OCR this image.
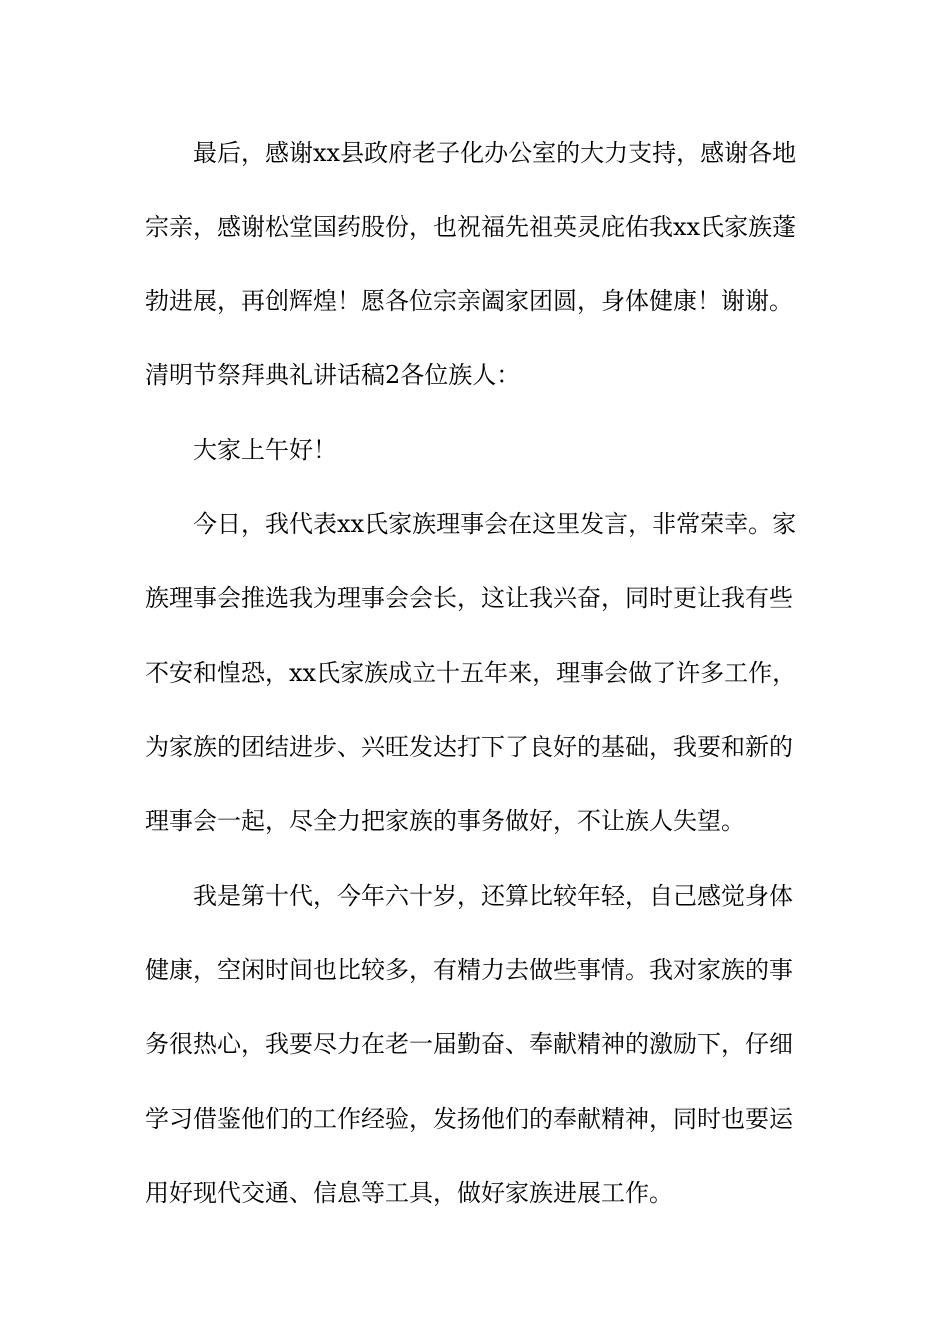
最后，感谢xx县政府老子化办公室的大力支持，感谢各地
宗亲，感谢松堂国药股份，也祝福先祖英灵庇佑我xx氏家族蓬
勃进展，再创辉煌！愿各位宗亲阖家团圆，身体健康！谢谢。
清明节祭拜典礼讲话稿2各位族人：
大家上午好！
今日，我代表xx氏家族理事会在这里发言，非常荣幸。家
族理事会推选我为理事会会长，这让我兴奋，同时更让我有些
不安和惶恐，xx氏家族成立十五年来，理事会做了许多工作，
为家族的团结进步、兴旺发达打下了良好的基础，我要和新的
理事会一起，尽全力把家族的事务做好，不让族人失望。
我是第十代，今年六十岁，还算比较年轻，自己感觉身体
健康，空闲时间也比较多，有精力去做些事情。我对家族的事
务很热心，我要尽力在老一届勤奋、奉献精神的激励下，仔细
学习借鉴他们的工作经验，发扬他们的奉献精神，同时也要运
用好现代交通、信息等工具，做好家族进展工作。
